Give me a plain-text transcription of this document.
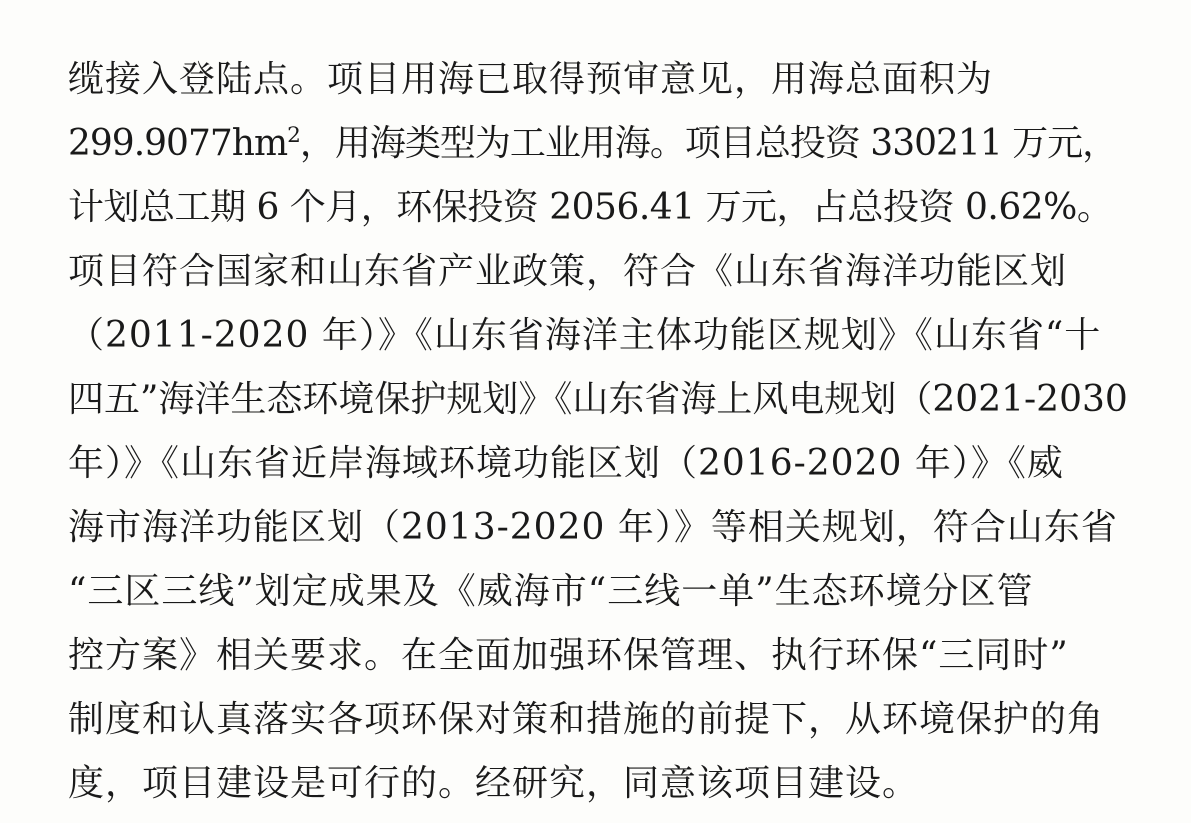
缆接入登陆点。项目用海已取得预审意见，用海总面积为
$299.9077hm^2$，用海类型为工业用海。项目总投资 330211 万元，
计划总工期 6 个月，环保投资 2056.41 万元，占总投资 0.62%。
项目符合国家和山东省产业政策，符合《山东省海洋功能区划
（2011-2020 年）》《山东省海洋主体功能区规划》《山东省“十
四五”海洋生态环境保护规划》《山东省海上风电规划（2021-2030
年）》《山东省近岸海域环境功能区划（2016-2020 年）》《威
海市海洋功能区划（2013-2020 年）》等相关规划，符合山东省
“三区三线”划定成果及《威海市“三线一单”生态环境分区管
控方案》相关要求。在全面加强环保管理、执行环保“三同时”
制度和认真落实各项环保对策和措施的前提下，从环境保护的角
度，项目建设是可行的。经研究，同意该项目建设。
